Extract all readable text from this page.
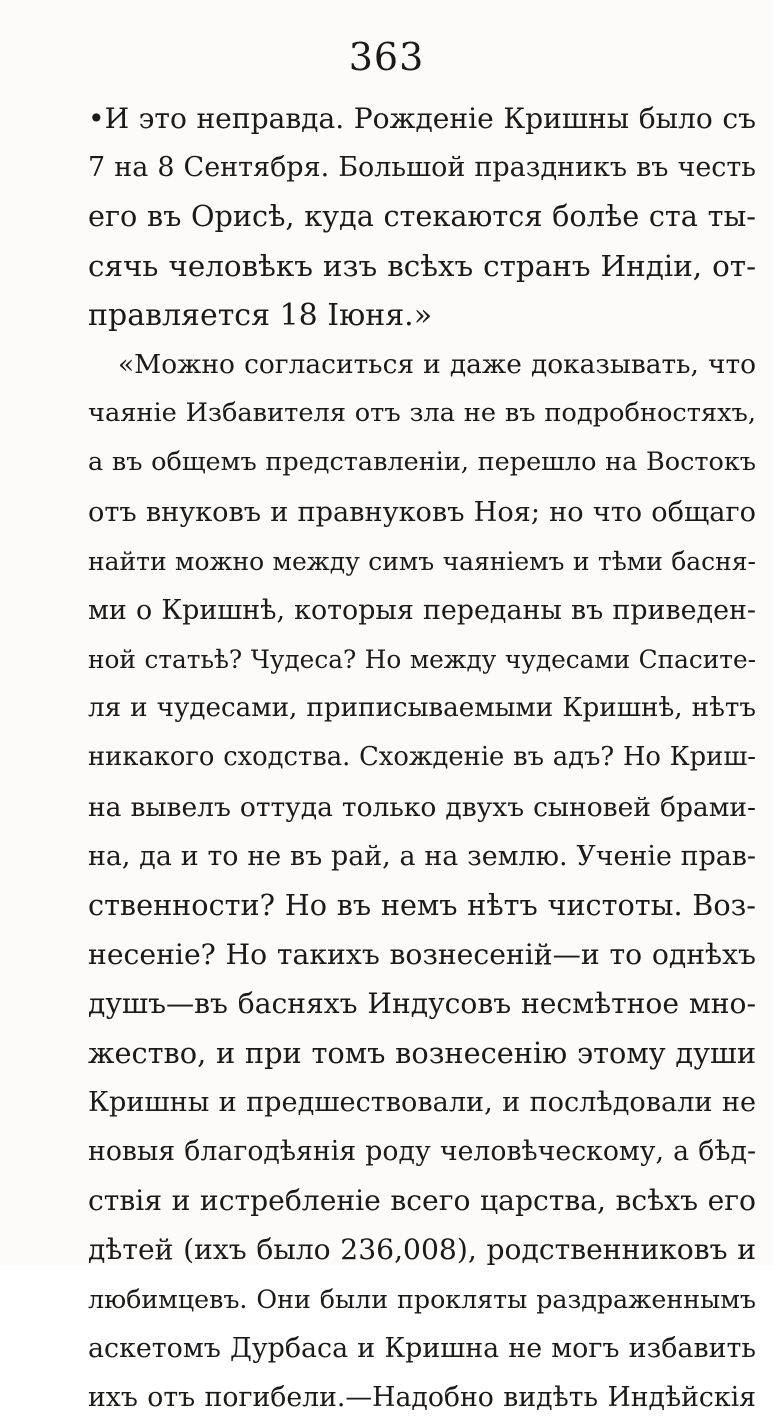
363
•И это неправда. Рожденіе Кришны было съ
7 на 8 Сентября. Большой праздникъ въ честь
его въ Орисѣ, куда стекаются болѣе ста ты-
сячь человѣкъ изъ всѣхъ странъ Индіи, от-
правляется 18 Іюня.»
«Можно согласиться и даже доказывать, что
чаяніе Избавителя отъ зла не въ подробностяхъ,
а въ общемъ представленіи, перешло на Востокъ
отъ внуковъ и правнуковъ Ноя; но что общаго
найти можно между симъ чаяніемъ и тѣми басня-
ми о Кришнѣ, которыя переданы въ приведен-
ной статьѣ? Чудеса? Но между чудесами Спасите-
ля и чудесами, приписываемыми Кришнѣ, нѣтъ
никакого сходства. Схожденіе въ адъ? Но Криш-
на вывелъ оттуда только двухъ сыновей брами-
на, да и то не въ рай, а на землю. Ученіе прав-
ственности? Но въ немъ нѣтъ чистоты. Воз-
несеніе? Но такихъ вознесеній—и то однѣхъ
душъ—въ басняхъ Индусовъ несмѣтное мно-
жество, и при томъ вознесенію этому души
Кришны и предшествовали, и послѣдовали не
новыя благодѣянія роду человѣческому, а бѣд-
ствія и истребленіе всего царства, всѣхъ его
дѣтей (ихъ было 236,008), родственниковъ и
любимцевъ. Они были прокляты раздраженнымъ
аскетомъ Дурбаса и Кришна не могъ избавить
ихъ отъ погибели.—Надобно видѣть Индѣйскія
